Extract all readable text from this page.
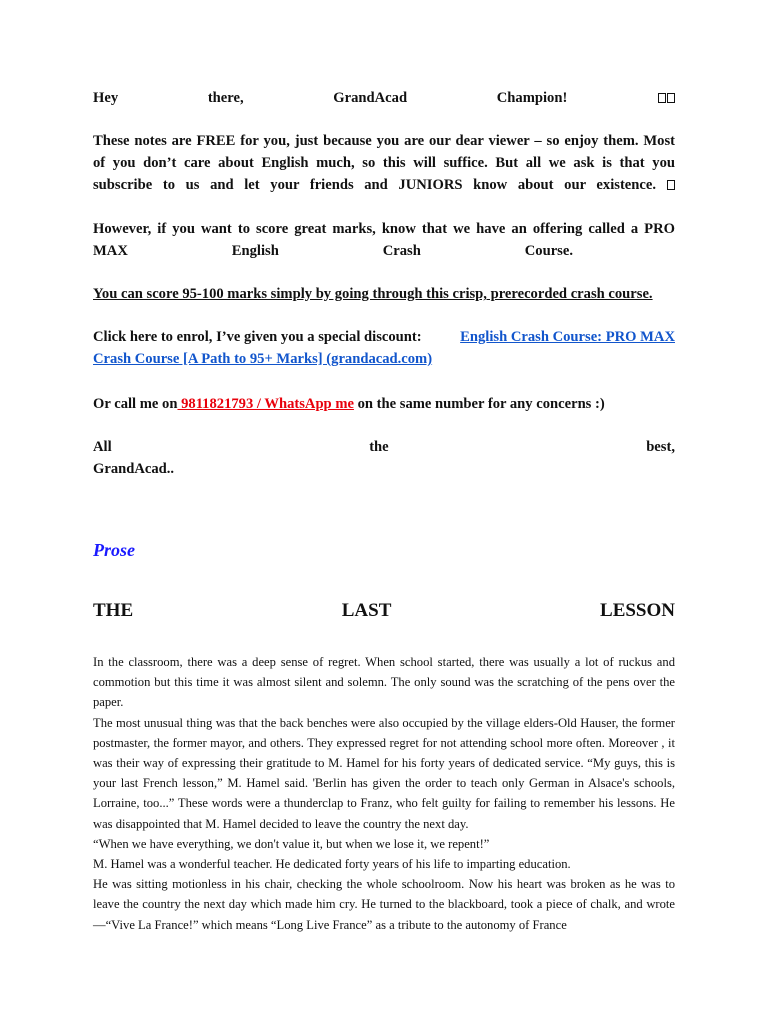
Hey	there,	GrandAcad	Champion!
These notes are FREE for you, just because you are our dear viewer – so enjoy them. Most
of you don’t care about English much, so this will suffice. But all we ask is that you
subscribe to us and let your friends and JUNIORS know about our existence.
However, if you want to score great marks, know that we have an offering called a PRO
MAX	English	Crash	Course.
You can score 95-100 marks simply by going through this crisp, prerecorded crash course.
Click here to enrol, I’ve given you a special discount:	English Crash Course: PRO MAX
Crash Course [A Path to 95+ Marks] (grandacad.com)
Or call me on 9811821793 / WhatsApp me on the same number for any concerns :)
All	the	best,
GrandAcad..
Prose
THE	LAST	LESSON

In the classroom, there was a deep sense of regret. When school started, there was usually a lot of ruckus and commotion but this time it was almost silent and solemn. The only sound was the scratching of the pens over the paper.

The most unusual thing was that the back benches were also occupied by the village elders-Old Hauser, the former postmaster, the former mayor, and others. They expressed regret for not attending school more often. Moreover , it was their way of expressing their gratitude to M. Hamel for his forty years of dedicated service. “My guys, this is your last French lesson,” M. Hamel said. 'Berlin has given the order to teach only German in Alsace's schools, Lorraine, too...” These words were a thunderclap to Franz, who felt guilty for failing to remember his lessons. He was disappointed that M. Hamel decided to leave the country the next day.

“When we have everything, we don't value it, but when we lose it, we repent!”

M. Hamel was a wonderful teacher. He dedicated forty years of his life to imparting education.

He was sitting motionless in his chair, checking the whole schoolroom. Now his heart was broken as he was to leave the country the next day which made him cry. He turned to the blackboard, took a piece of chalk, and wrote —“Vive La France!” which means “Long Live France” as a tribute to the autonomy of France
